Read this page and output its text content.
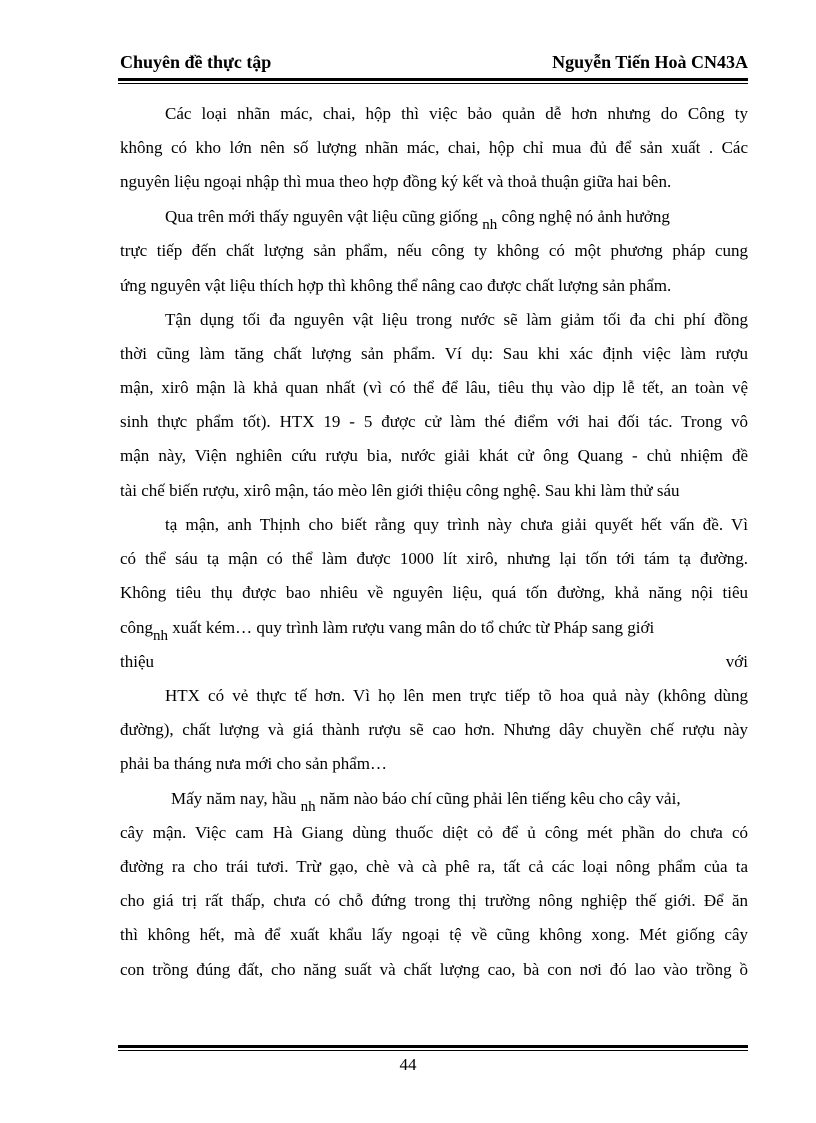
Chuyên đề thực tập	Nguyễn Tiến Hoà CN43A
Các loại nhãn mác, chai, hộp thì việc bảo quản dễ hơn nhưng do Công ty
không có kho lớn nên số lượng nhãn mác, chai, hộp chỉ mua đủ để sản xuất . Các
nguyên liệu ngoại nhập thì mua theo hợp đồng ký kết và thoả thuận giữa hai bên.
Qua trên mới thấy nguyên vật liệu cũng giống nh công nghệ nó ảnh hưởng
trực tiếp đến chất lượng sản phẩm, nếu công ty không có một phương pháp cung
ứng nguyên vật liệu thích hợp thì không thể nâng cao được chất lượng sản phẩm.
Tận dụng tối đa nguyên vật liệu trong nước sẽ làm giảm tối đa chi phí đồng
thời cũng làm tăng chất lượng sản phẩm. Ví dụ: Sau khi xác định việc làm rượu
mận, xirô mận là khả quan nhất (vì có thể để lâu, tiêu thụ vào dịp lễ tết, an toàn vệ
sinh thực phẩm tốt). HTX 19 - 5 được cử làm thé điểm với hai đối tác. Trong vô
mận này, Viện nghiên cứu rượu bia, nước giải khát cử ông Quang - chủ nhiệm đề
tài chế biến rượu, xirô mận, táo mèo lên giới thiệu công nghệ. Sau khi làm thử sáu
tạ mận, anh Thịnh cho biết rằng quy trình này chưa giải quyết hết vấn đề. Vì
có thể sáu tạ mận có thể làm được 1000 lít xirô, nhưng lại tốn tới tám tạ đường.
Không tiêu thụ được bao nhiêu về nguyên liệu, quá tốn đường, khả năng nội tiêu
côngnh xuất kém… quy trình làm rượu vang mân do tổ chức từ Pháp sang giới
thiệu	với
HTX có vẻ thực tế hơn. Vì họ lên men trực tiếp tõ hoa quả này (không dùng
đường), chất lượng và giá thành rượu sẽ cao hơn. Nhưng dây chuyền chế rượu này
phải ba tháng nưa mới cho sản phẩm…
Mấy năm nay, hầu nh năm nào báo chí cũng phải lên tiếng kêu cho cây vải,
cây mận. Việc cam Hà Giang dùng thuốc diệt cỏ để ủ công mét phần do chưa có
đường ra cho trái tươi. Trừ gạo, chè và cà phê ra, tất cả các loại nông phẩm của ta
cho giá trị rất thấp, chưa có chỗ đứng trong thị trường nông nghiệp thế giới. Để ăn
thì không hết, mà để xuất khẩu lấy ngoại tệ về cũng không xong. Mét giống cây
con trồng đúng đất, cho năng suất và chất lượng cao, bà con nơi đó lao vào trồng ồ
44
